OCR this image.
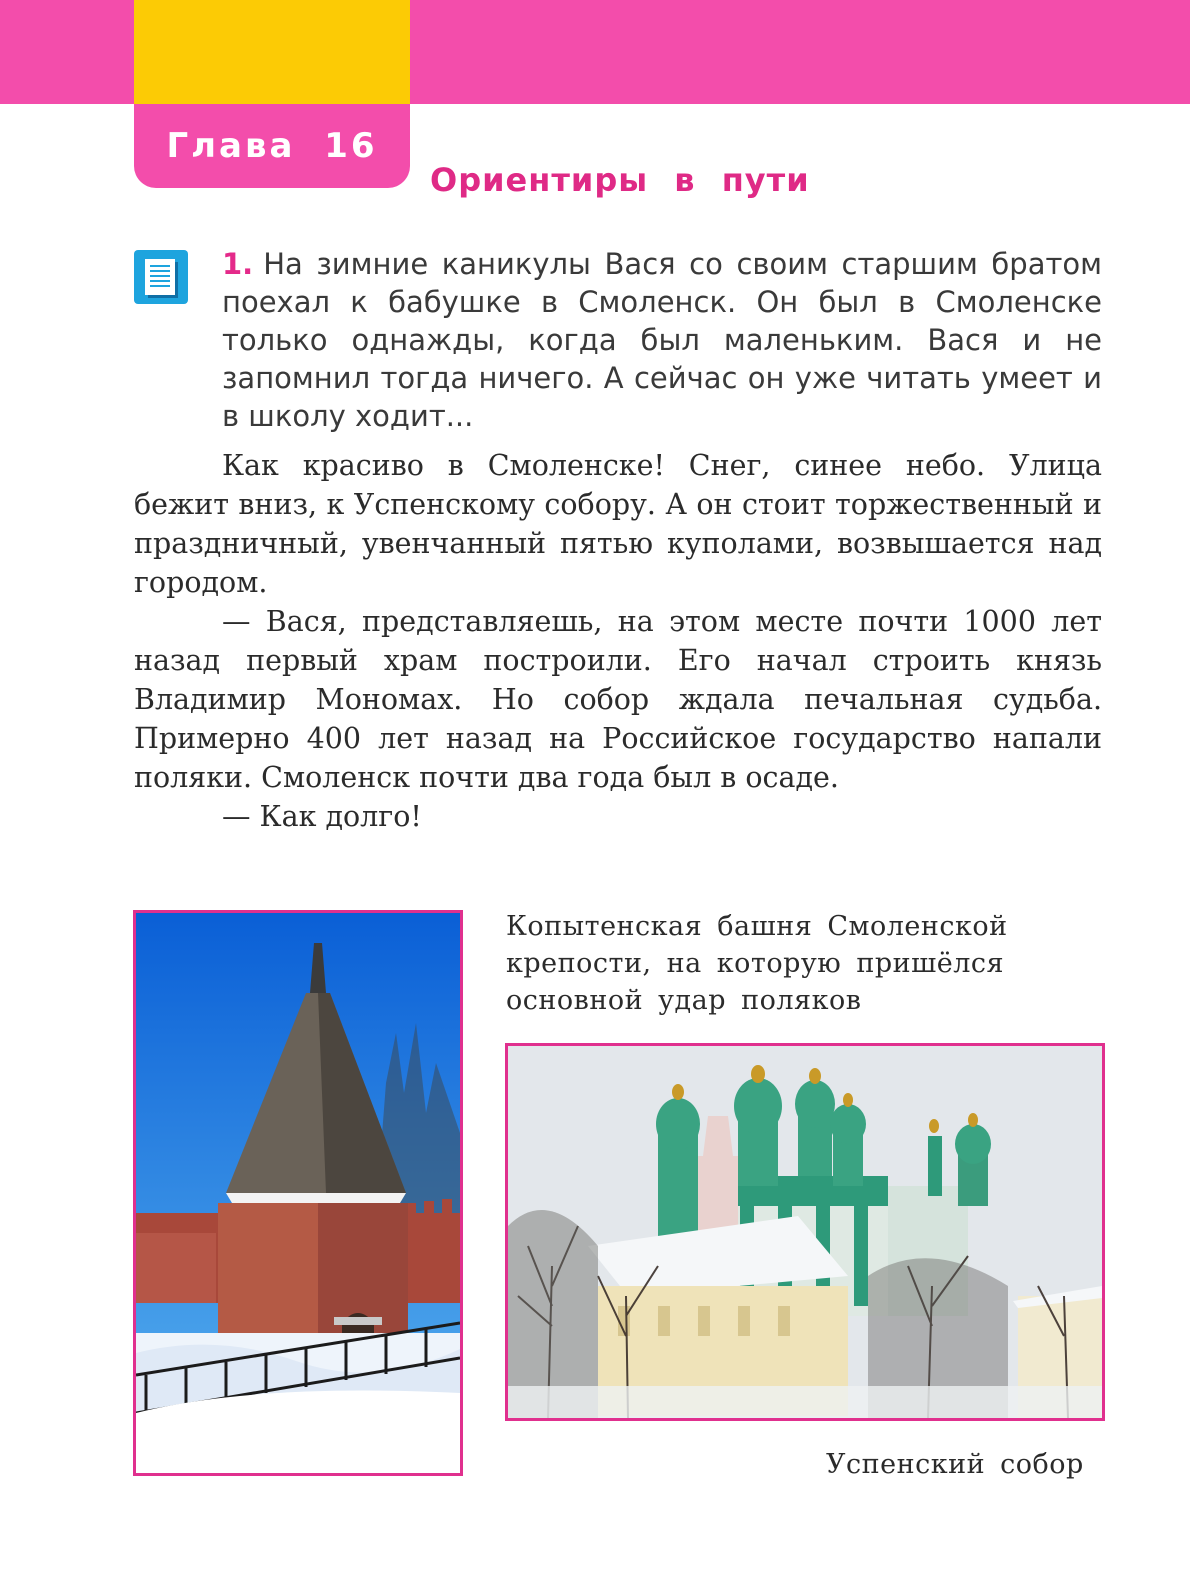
Глава 16
Ориентиры в пути

1. На зимние каникулы Вася со своим старшим братом поехал к бабушке в Смоленск. Он был в Смоленске только однажды, когда был маленьким. Вася и не запомнил тогда ничего. А сейчас он уже читать умеет и в школу ходит...

Как красиво в Смоленске! Снег, синее небо. Улица бежит вниз, к Успенскому собору. А он стоит торжественный и праздничный, увенчанный пятью куполами, возвышается над городом.

— Вася, представляешь, на этом месте почти 1000 лет назад первый храм построили. Его начал строить князь Владимир Мономах. Но собор ждала печальная судьба. Примерно 400 лет назад на Российское государство напали поляки. Смоленск почти два года был в осаде.

— Как долго!

Копытенская башня Смоленской крепости, на которую пришёлся основной удар поляков
Успенский собор
